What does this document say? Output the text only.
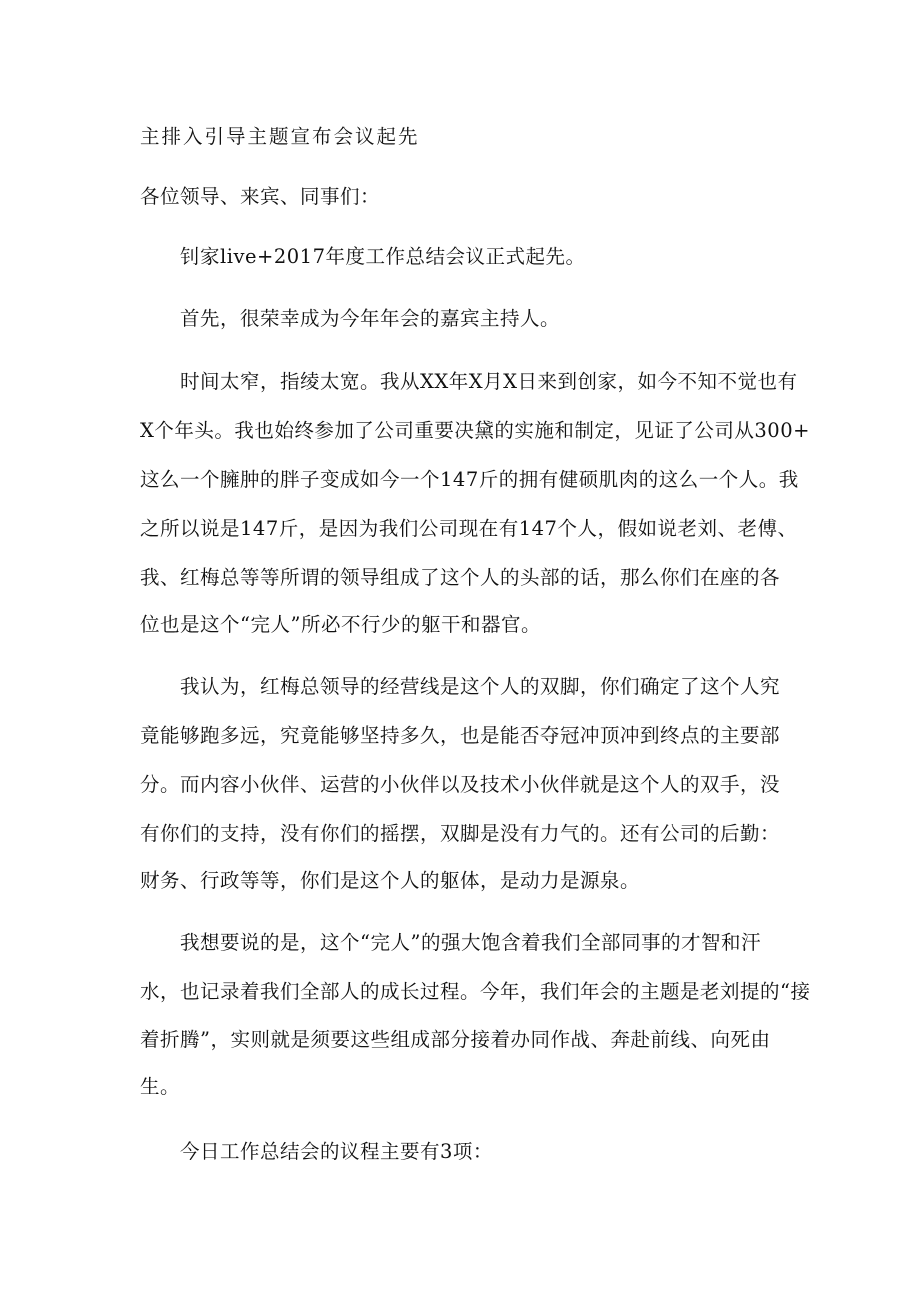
主排入引导主题宣布会议起先
各位领导、来宾、同事们：
钊家live+2017年度工作总结会议正式起先。
首先，很荣幸成为今年年会的嘉宾主持人。
时间太窄，指绫太宽。我从XX年X月X日来到创家，如今不知不觉也有
X个年头。我也始终参加了公司重要决黛的实施和制定，见证了公司从300+
这么一个臃肿的胖子变成如今一个147斤的拥有健硕肌肉的这么一个人。我
之所以说是147斤，是因为我们公司现在有147个人，假如说老刘、老傅、
我、红梅总等等所谓的领导组成了这个人的头部的话，那么你们在座的各
位也是这个“完人”所必不行少的躯干和器官。
我认为，红梅总领导的经营线是这个人的双脚，你们确定了这个人究
竟能够跑多远，究竟能够坚持多久，也是能否夺冠冲顶冲到终点的主要部
分。而内容小伙伴、运营的小伙伴以及技术小伙伴就是这个人的双手，没
有你们的支持，没有你们的摇摆，双脚是没有力气的。还有公司的后勤：
财务、行政等等，你们是这个人的躯体，是动力是源泉。
我想要说的是，这个“完人”的强大饱含着我们全部同事的才智和汗
水，也记录着我们全部人的成长过程。今年，我们年会的主题是老刘提的“接
着折腾”，实则就是须要这些组成部分接着办同作战、奔赴前线、向死由
生。
今日工作总结会的议程主要有3项：
